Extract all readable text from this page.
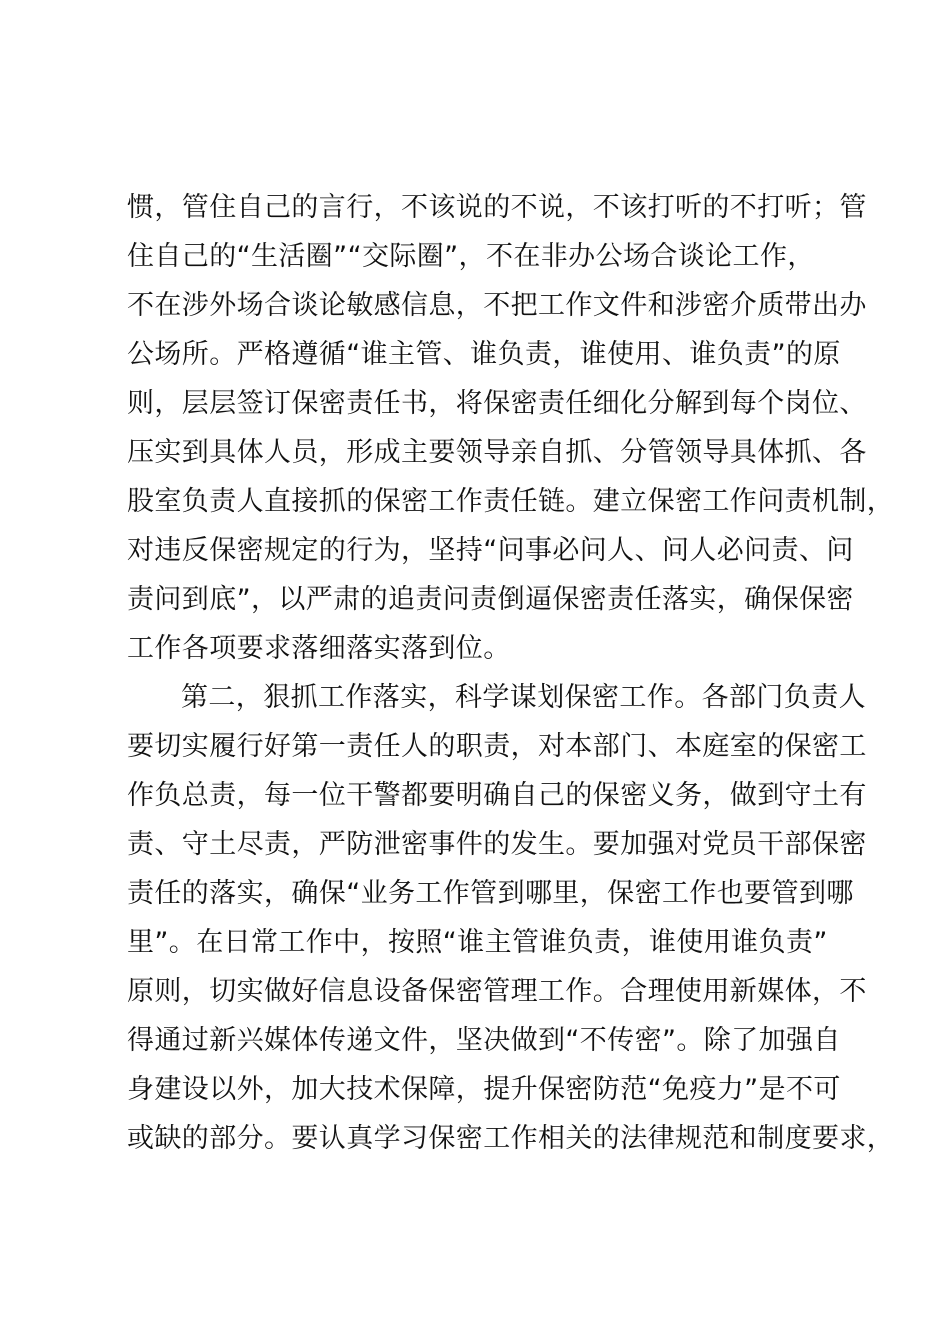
惯，管住自己的言行，不该说的不说，不该打听的不打听；管
住自己的“生活圈”“交际圈”，不在非办公场合谈论工作，
不在涉外场合谈论敏感信息，不把工作文件和涉密介质带出办
公场所。严格遵循“谁主管、谁负责，谁使用、谁负责”的原
则，层层签订保密责任书，将保密责任细化分解到每个岗位、
压实到具体人员，形成主要领导亲自抓、分管领导具体抓、各
股室负责人直接抓的保密工作责任链。建立保密工作问责机制，
对违反保密规定的行为，坚持“问事必问人、问人必问责、问
责问到底”，以严肃的追责问责倒逼保密责任落实，确保保密
工作各项要求落细落实落到位。
第二，狠抓工作落实，科学谋划保密工作。各部门负责人
要切实履行好第一责任人的职责，对本部门、本庭室的保密工
作负总责，每一位干警都要明确自己的保密义务，做到守土有
责、守土尽责，严防泄密事件的发生。要加强对党员干部保密
责任的落实，确保“业务工作管到哪里，保密工作也要管到哪
里”。在日常工作中，按照“谁主管谁负责，谁使用谁负责”
原则，切实做好信息设备保密管理工作。合理使用新媒体，不
得通过新兴媒体传递文件，坚决做到“不传密”。除了加强自
身建设以外，加大技术保障，提升保密防范“免疫力”是不可
或缺的部分。要认真学习保密工作相关的法律规范和制度要求，
